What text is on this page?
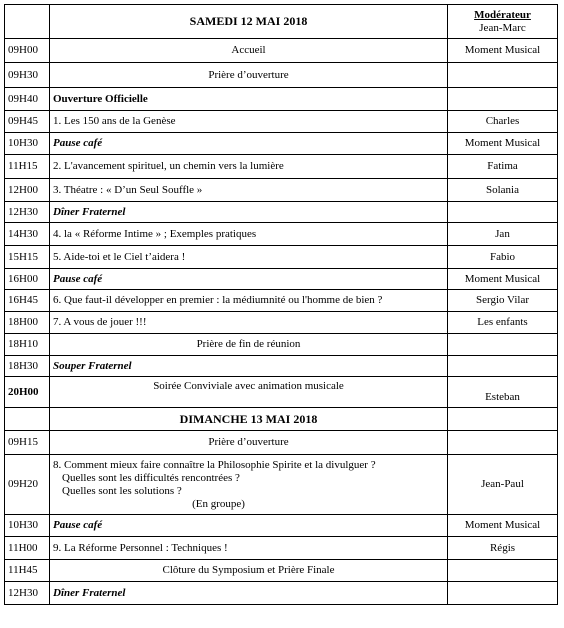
	SAMEDI 12 MAI 2018	Modérateur
Jean-Marc

09H00	Accueil	Moment Musical
09H30	Prière d’ouverture	
09H40	Ouverture Officielle	
09H45	1. Les 150 ans de la Genèse	Charles
10H30	Pause café	Moment Musical
11H15	2. L'avancement spirituel, un chemin vers la lumière	Fatima
12H00	3. Théatre : « D’un Seul Souffle »	Solania
12H30	Dîner Fraternel	
14H30	4. la « Réforme Intime » ; Exemples pratiques	Jan
15H15	5. Aide-toi et le Ciel t’aidera !	Fabio
16H00	Pause café	Moment Musical
16H45	6. Que faut-il développer en premier : la médiumnité ou l'homme de bien ?	Sergio Vilar
18H00	7. A vous de jouer !!!	Les enfants
18H10	Prière de fin de réunion	
18H30	Souper Fraternel	
20H00	Soirée Conviviale avec animation musicale	Esteban
	DIMANCHE 13 MAI 2018	
09H15	Prière d’ouverture	
09H20	8. Comment mieux faire connaître la Philosophie Spirite et la divulguer ?
Quelles sont les difficultés rencontrées ?
Quelles sont les solutions ?
(En groupe)	Jean-Paul
10H30	Pause café	Moment Musical
11H00	9. La Réforme Personnel : Techniques !	Régis
11H45	Clôture du Symposium et Prière Finale	
12H30	Dîner Fraternel	
